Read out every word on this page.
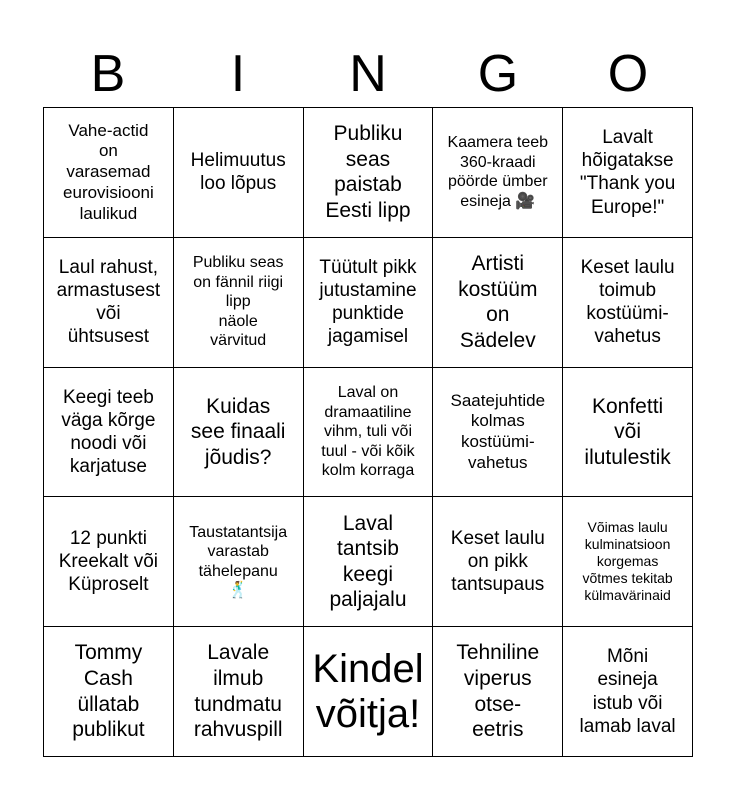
B	I	N	G	O
Vahe-actid
on
varasemad
eurovisiooni
laulikud
Helimuutus
loo lõpus
Publiku
seas
paistab
Eesti lipp
Kaamera teeb
360-kraadi
pöörde ümber
esineja 🎥
Lavalt
hõigatakse
"Thank you
Europe!"
Laul rahust,
armastusest
või
ühtsusest
Publiku seas
on fännil riigi
lipp
näole
värvitud
Tüütult pikk
jutustamine
punktide
jagamisel
Artisti
kostüüm
on
Sädelev
Keset laulu
toimub
kostüümi-
vahetus
Keegi teeb
väga kõrge
noodi või
karjatuse
Kuidas
see finaali
jõudis?
Laval on
dramaatiline
vihm, tuli või
tuul - või kõik
kolm korraga
Saatejuhtide
kolmas
kostüümi-
vahetus
Konfetti
või
ilutulestik
12 punkti
Kreekalt või
Küproselt
Taustatantsija
varastab
tähelepanu
🕺
Laval
tantsib
keegi
paljajalu
Keset laulu
on pikk
tantsupaus
Võimas laulu
kulminatsioon
korgemas
võtmes tekitab
külmavärinaid
Tommy
Cash
üllatab
publikut
Lavale
ilmub
tundmatu
rahvuspill
Kindel
võitja!
Tehniline
viperus
otse-
eetris
Mõni
esineja
istub või
lamab laval
